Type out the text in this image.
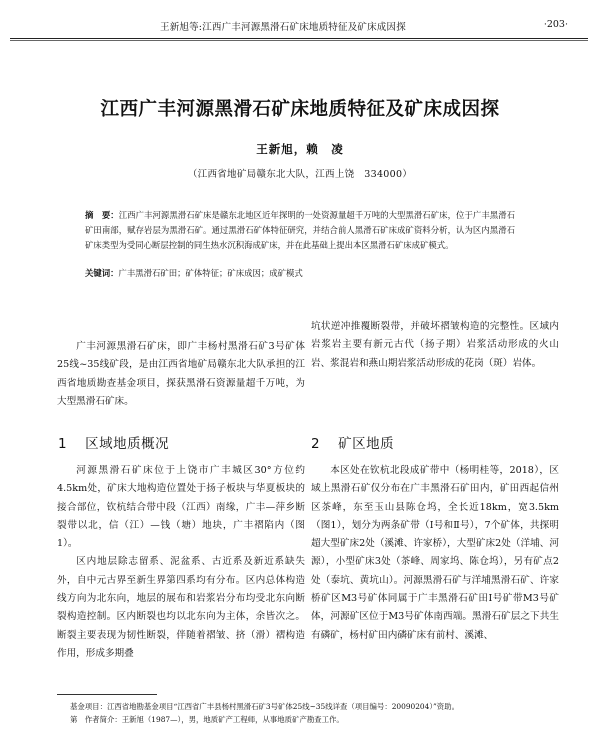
王新旭等:江西广丰河源黑滑石矿床地质特征及矿床成因探	·203·
江西广丰河源黑滑石矿床地质特征及矿床成因探
王新旭，赖　凌
（江西省地矿局赣东北大队，江西上饶　334000）
摘　要：江西广丰河源黑滑石矿床是赣东北地区近年探明的一处资源量超千万吨的大型黑滑石矿床，位于广丰黑滑石矿田南部，赋存岩层为黑滑石矿。通过黑滑石矿体特征研究，并结合前人黑滑石矿床成矿资料分析，认为区内黑滑石矿床类型为受同心断层控制的同生热水沉积海成矿床，并在此基础上提出本区黑滑石矿床成矿模式。
关键词：广丰黑滑石矿田；矿体特征；矿床成因；成矿模式

广丰河源黑滑石矿床，即广丰杨村黑滑石矿3号矿体25线~35线矿段，是由江西省地矿局赣东北大队承担的江西省地质勘查基金项目，探获黑滑石资源量超千万吨，为大型黑滑石矿床。

坑状逆冲推覆断裂带，并破坏褶皱构造的完整性。区域内岩浆岩主要有新元古代（扬子期）岩浆活动形成的火山岩、浆混岩和燕山期岩浆活动形成的花岗（斑）岩体。

1 区域地质概况	2 矿区地质

河源黑滑石矿床位于上饶市广丰城区30°方位约4.5km处，矿床大地构造位置处于扬子板块与华夏板块的接合部位，钦杭结合带中段（江西）南缘，广丰—萍乡断裂带以北，信（江）—钱（塘）地块，广丰褶陷内（图1）。

区内地层除志留系、泥盆系、古近系及新近系缺失外，自中元古界至新生界第四系均有分布。区内总体构造线方向为北东向，地层的展布和岩浆岩分布均受北东向断裂构造控制。区内断裂也均以北东向为主体，余皆次之。断裂主要表现为韧性断裂，伴随着褶皱、挤（滑）褶构造作用，形成多期叠

本区处在钦杭北段成矿带中（杨明桂等，2018），区域上黑滑石矿仅分布在广丰黑滑石矿田内，矿田西起信州区茶峰，东至玉山县陈仓坞，全长近18km，宽3.5km（图1），划分为两条矿带（Ⅰ号和Ⅱ号），7个矿体，共探明超大型矿床2处（溪滩、许家桥），大型矿床2处（洋埔、河源），小型矿床3处（茶峰、周家坞、陈仓坞），另有矿点2处（泰坑、黄坑山）。河源黑滑石矿与洋埔黑滑石矿、许家桥矿区M3号矿体同属于广丰黑滑石矿田Ⅰ号矿带M3号矿体，河源矿区位于M3号矿体南西端。黑滑石矿层之下共生有磷矿，杨村矿田内磷矿床有前村、溪滩、

基金项目：江西省地勘基金项目“江西省广丰县杨村黑滑石矿3号矿体25线~35线详查（项目编号：20090204）”资助。
第　作者简介：王新旭（1987—），男，地质矿产工程师，从事地质矿产勘查工作。
